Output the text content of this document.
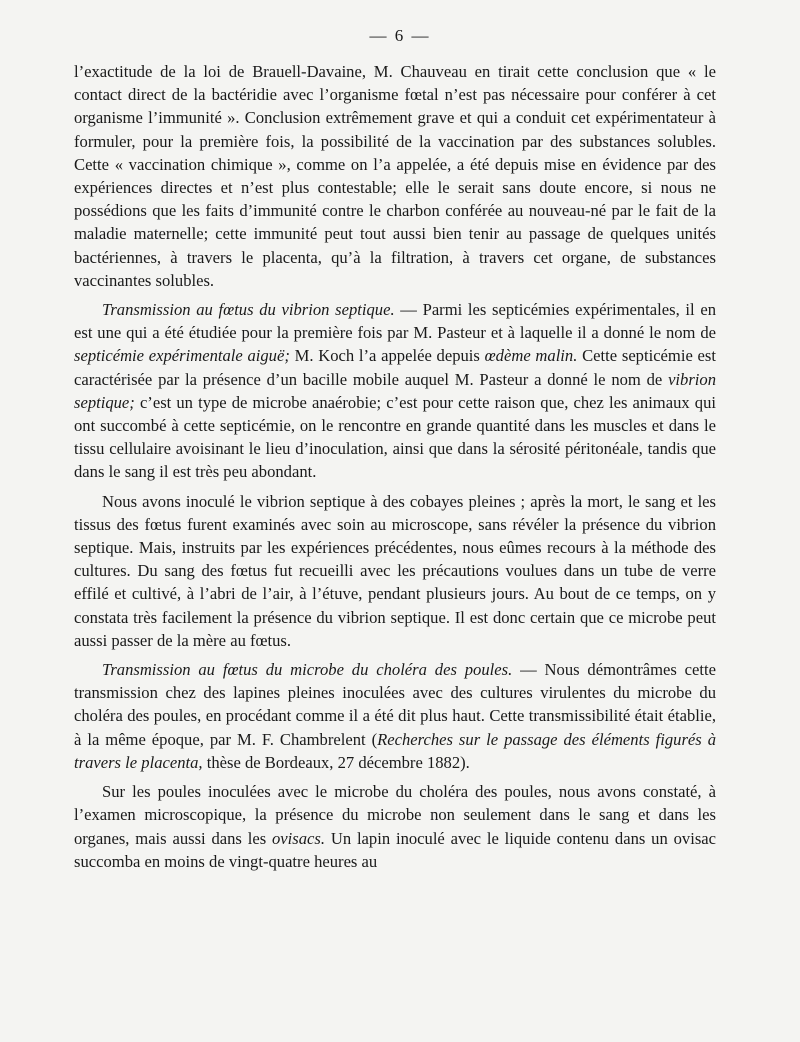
— 6 —

l’exactitude de la loi de Brauell-Davaine, M. Chauveau en tirait cette conclusion que « le contact direct de la bactéridie avec l’organisme fœtal n’est pas nécessaire pour conférer à cet organisme l’immunité ». Conclusion extrêmement grave et qui a conduit cet expérimentateur à formuler, pour la première fois, la possibilité de la vaccination par des substances solubles. Cette « vaccination chimique », comme on l’a appelée, a été depuis mise en évidence par des expériences directes et n’est plus contestable; elle le serait sans doute encore, si nous ne possédions que les faits d’immunité contre le charbon conférée au nouveau-né par le fait de la maladie maternelle; cette immunité peut tout aussi bien tenir au passage de quelques unités bactériennes, à travers le placenta, qu’à la filtration, à travers cet organe, de substances vaccinantes solubles.

Transmission au fœtus du vibrion septique. — Parmi les septicémies expérimentales, il en est une qui a été étudiée pour la première fois par M. Pasteur et à laquelle il a donné le nom de septicémie expérimentale aiguë; M. Koch l’a appelée depuis œdème malin. Cette septicémie est caractérisée par la présence d’un bacille mobile auquel M. Pasteur a donné le nom de vibrion septique; c’est un type de microbe anaérobie; c’est pour cette raison que, chez les animaux qui ont succombé à cette septicémie, on le rencontre en grande quantité dans les muscles et dans le tissu cellulaire avoisinant le lieu d’inoculation, ainsi que dans la sérosité péritonéale, tandis que dans le sang il est très peu abondant.

Nous avons inoculé le vibrion septique à des cobayes pleines ; après la mort, le sang et les tissus des fœtus furent examinés avec soin au microscope, sans révéler la présence du vibrion septique. Mais, instruits par les expériences précédentes, nous eûmes recours à la méthode des cultures. Du sang des fœtus fut recueilli avec les précautions voulues dans un tube de verre effilé et cultivé, à l’abri de l’air, à l’étuve, pendant plusieurs jours. Au bout de ce temps, on y constata très facilement la présence du vibrion septique. Il est donc certain que ce microbe peut aussi passer de la mère au fœtus.

Transmission au fœtus du microbe du choléra des poules. — Nous démontrâmes cette transmission chez des lapines pleines inoculées avec des cultures virulentes du microbe du choléra des poules, en procédant comme il a été dit plus haut. Cette transmissibilité était établie, à la même époque, par M. F. Chambrelent (Recherches sur le passage des éléments figurés à travers le placenta, thèse de Bordeaux, 27 décembre 1882).

Sur les poules inoculées avec le microbe du choléra des poules, nous avons constaté, à l’examen microscopique, la présence du microbe non seulement dans le sang et dans les organes, mais aussi dans les ovisacs. Un lapin inoculé avec le liquide contenu dans un ovisac succomba en moins de vingt-quatre heures au
